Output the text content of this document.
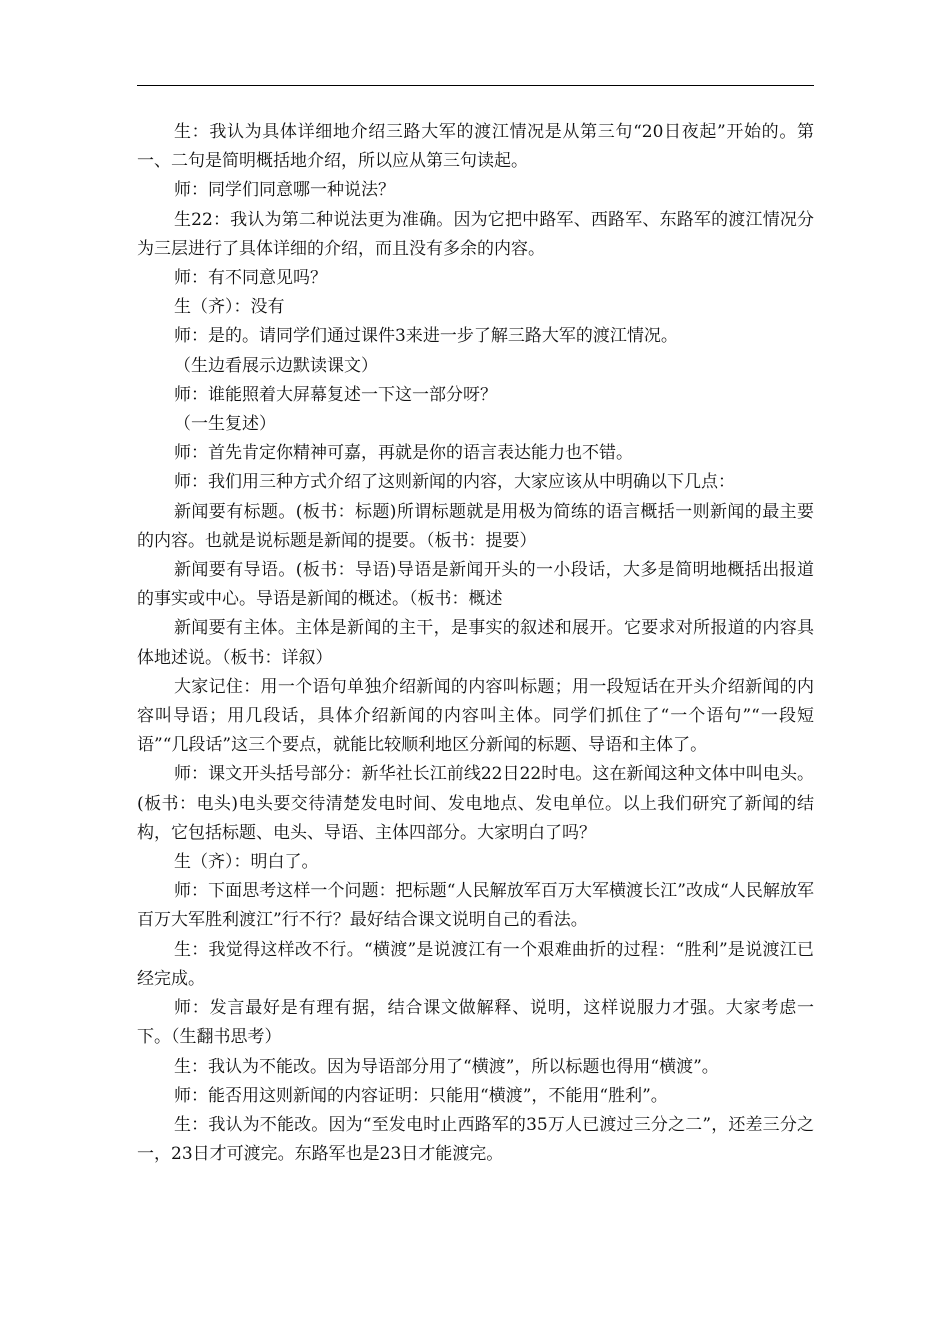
生：我认为具体详细地介绍三路大军的渡江情况是从第三句“20日夜起”开始的。第一、二句是简明概括地介绍，所以应从第三句读起。

师：同学们同意哪一种说法？

生22：我认为第二种说法更为准确。因为它把中路军、西路军、东路军的渡江情况分为三层进行了具体详细的介绍，而且没有多余的内容。

师：有不同意见吗？

生（齐）：没有

师：是的。请同学们通过课件3来进一步了解三路大军的渡江情况。

（生边看展示边默读课文）

师：谁能照着大屏幕复述一下这一部分呀？

（一生复述）

师：首先肯定你精神可嘉，再就是你的语言表达能力也不错。

师：我们用三种方式介绍了这则新闻的内容，大家应该从中明确以下几点：

新闻要有标题。(板书：标题)所谓标题就是用极为简练的语言概括一则新闻的最主要的内容。也就是说标题是新闻的提要。（板书：提要）

新闻要有导语。(板书：导语)导语是新闻开头的一小段话，大多是简明地概括出报道的事实或中心。导语是新闻的概述。（板书：概述

新闻要有主体。主体是新闻的主干，是事实的叙述和展开。它要求对所报道的内容具体地述说。（板书：详叙）

大家记住：用一个语句单独介绍新闻的内容叫标题；用一段短话在开头介绍新闻的内容叫导语；用几段话，具体介绍新闻的内容叫主体。同学们抓住了“一个语句”“一段短语”“几段话”这三个要点，就能比较顺利地区分新闻的标题、导语和主体了。

师：课文开头括号部分：新华社长江前线22日22时电。这在新闻这种文体中叫电头。(板书：电头)电头要交待清楚发电时间、发电地点、发电单位。以上我们研究了新闻的结构，它包括标题、电头、导语、主体四部分。大家明白了吗？

生（齐）：明白了。

师：下面思考这样一个问题：把标题“人民解放军百万大军横渡长江”改成“人民解放军百万大军胜利渡江”行不行？最好结合课文说明自己的看法。

生：我觉得这样改不行。“横渡”是说渡江有一个艰难曲折的过程：“胜利”是说渡江已经完成。

师：发言最好是有理有据，结合课文做解释、说明，这样说服力才强。大家考虑一下。（生翻书思考）

生：我认为不能改。因为导语部分用了“横渡”，所以标题也得用“横渡”。

师：能否用这则新闻的内容证明：只能用“横渡”，不能用“胜利”。

生：我认为不能改。因为“至发电时止西路军的35万人已渡过三分之二”，还差三分之一，23日才可渡完。东路军也是23日才能渡完。
